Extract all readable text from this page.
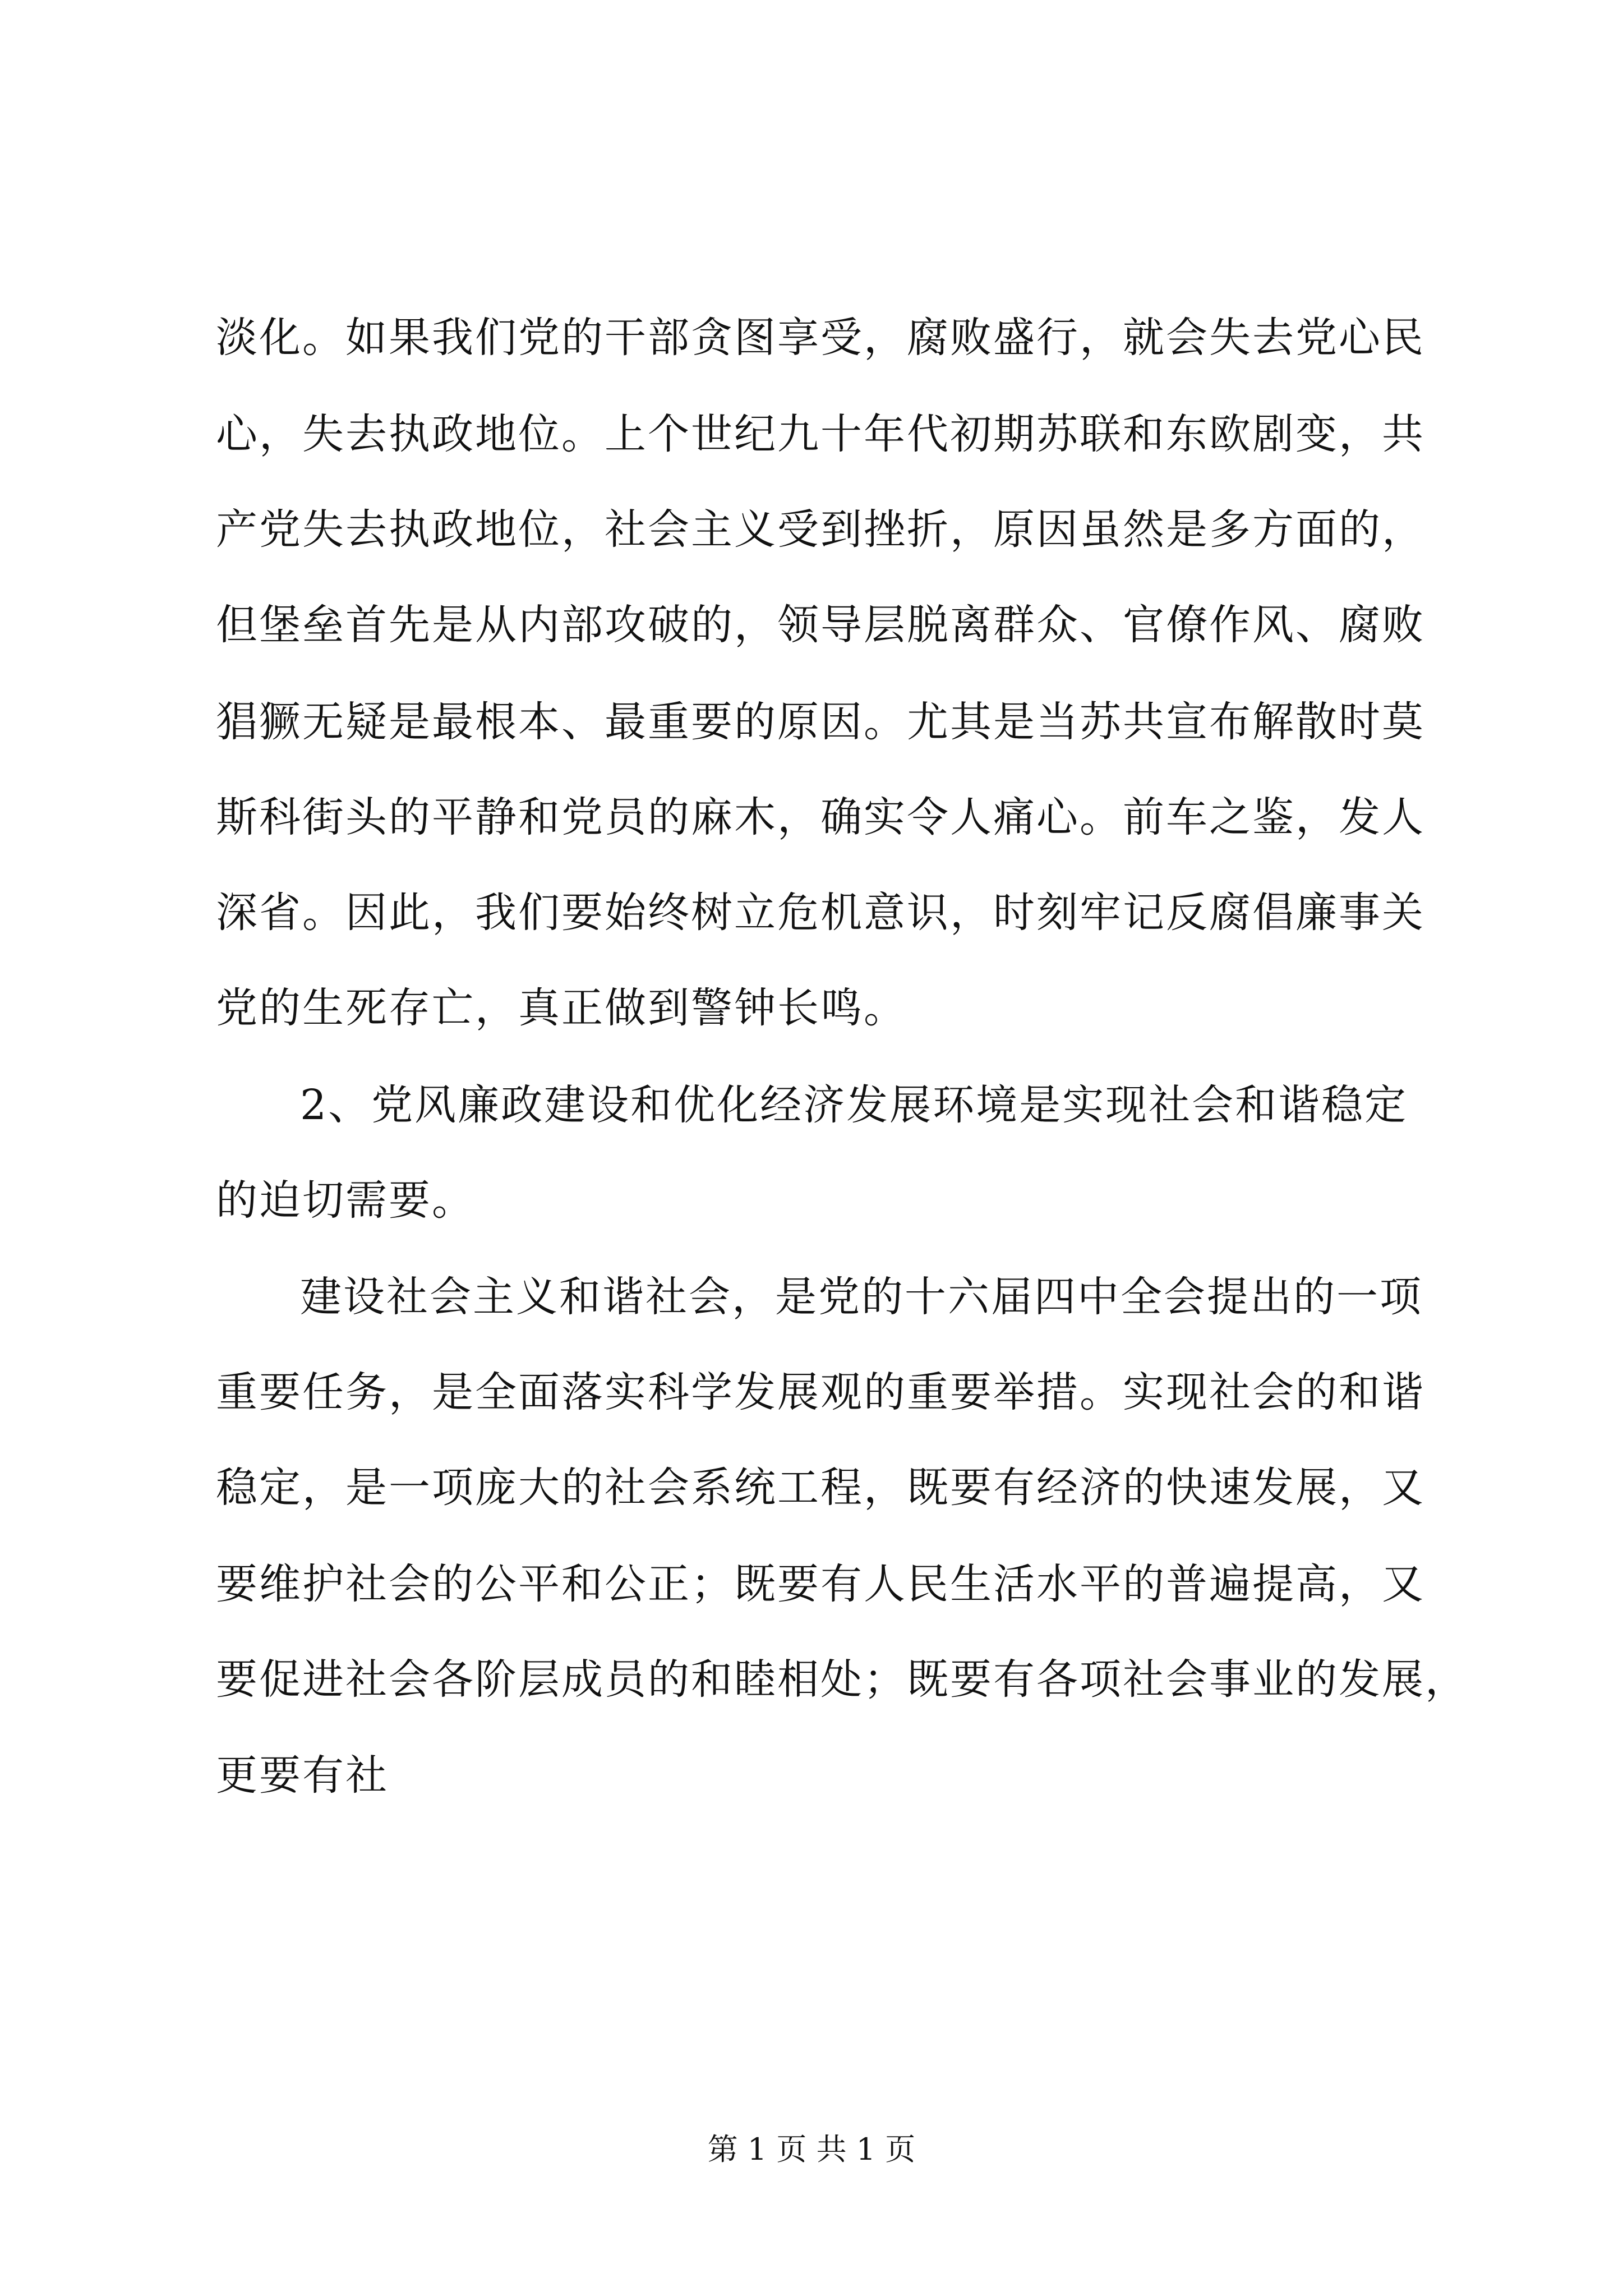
淡化。如果我们党的干部贪图享受，腐败盛行，就会失去党心民
心，失去执政地位。上个世纪九十年代初期苏联和东欧剧变，共
产党失去执政地位，社会主义受到挫折，原因虽然是多方面的，
但堡垒首先是从内部攻破的，领导层脱离群众、官僚作风、腐败
猖獗无疑是最根本、最重要的原因。尤其是当苏共宣布解散时莫
斯科街头的平静和党员的麻木，确实令人痛心。前车之鉴，发人
深省。因此，我们要始终树立危机意识，时刻牢记反腐倡廉事关
党的生死存亡，真正做到警钟长鸣。
2、党风廉政建设和优化经济发展环境是实现社会和谐稳定
的迫切需要。
建设社会主义和谐社会，是党的十六届四中全会提出的一项
重要任务，是全面落实科学发展观的重要举措。实现社会的和谐
稳定，是一项庞大的社会系统工程，既要有经济的快速发展，又
要维护社会的公平和公正；既要有人民生活水平的普遍提高，又
要促进社会各阶层成员的和睦相处；既要有各项社会事业的发展，
更要有社
第 1 页 共 1 页
